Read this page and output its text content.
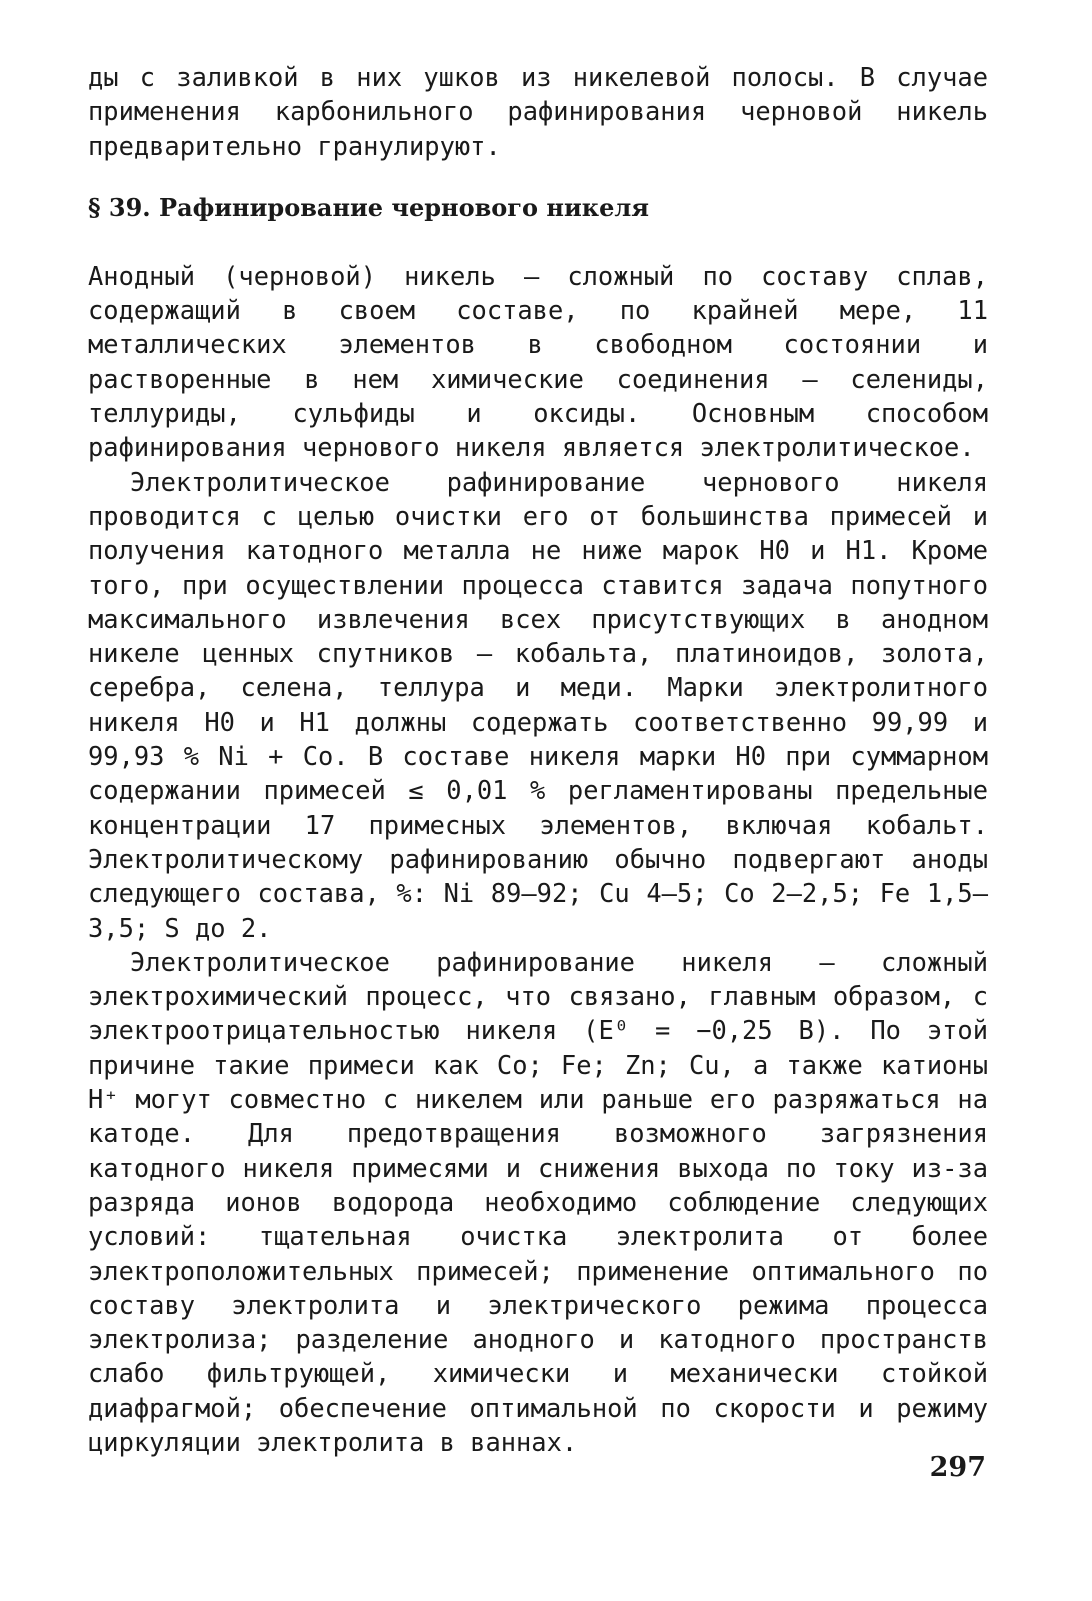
ды с заливкой в них ушков из никелевой полосы. В случае применения карбонильного рафинирования черновой никель предварительно гранулируют.

§ 39. Рафинирование чернового никеля

Анодный (черновой) никель — сложный по составу сплав, содержащий в своем составе, по крайней мере, 11 металлических элементов в свободном состоянии и растворенные в нем химические соединения — селениды, теллуриды, сульфиды и оксиды. Основным способом рафинирования чернового никеля является электролитическое.

Электролитическое рафинирование чернового никеля проводится с целью очистки его от большинства примесей и получения катодного металла не ниже марок Н0 и Н1. Кроме того, при осуществлении процесса ставится задача попутного максимального извлечения всех присутствующих в анодном никеле ценных спутников — кобальта, платиноидов, золота, серебра, селена, теллура и меди. Марки электролитного никеля Н0 и Н1 должны содержать соответственно 99,99 и 99,93 % Ni + Co. В составе никеля марки Н0 при суммарном содержании примесей ≤ 0,01 % регламентированы предельные концентрации 17 примесных элементов, включая кобальт. Электролитическому рафинированию обычно подвергают аноды следующего состава, %: Ni 89–92; Cu 4–5; Co 2–2,5; Fe 1,5–3,5; S до 2.

Электролитическое рафинирование никеля — сложный электрохимический процесс, что связано, главным образом, с электроотрицательностью никеля (E⁰ = −0,25 В). По этой причине такие примеси как Co; Fe; Zn; Cu, а также катионы H⁺ могут совместно с никелем или раньше его разряжаться на катоде. Для предотвращения возможного загрязнения катодного никеля примесями и снижения выхода по току из-за разряда ионов водорода необходимо соблюдение следующих условий: тщательная очистка электролита от более электроположительных примесей; применение оптимального по составу электролита и электрического режима процесса электролиза; разделение анодного и катодного пространств слабо фильтрующей, химически и механически стойкой диафрагмой; обеспечение оптимальной по скорости и режиму циркуляции электролита в ваннах.

297
